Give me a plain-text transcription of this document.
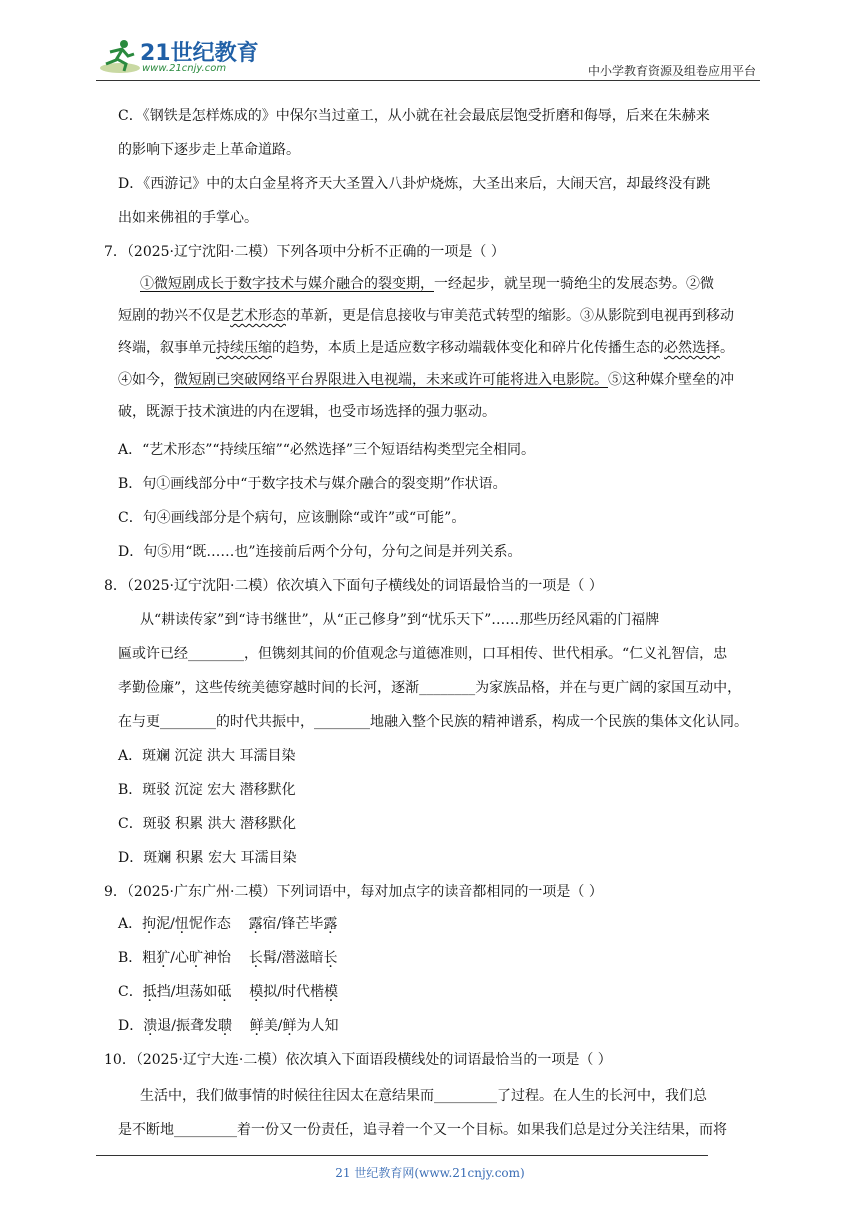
21世纪教育
www.21cnjy.com	中小学教育资源及组卷应用平台
C．《钢铁是怎样炼成的》中保尔当过童工，从小就在社会最底层饱受折磨和侮辱，后来在朱赫来
的影响下逐步走上革命道路。
D．《西游记》中的太白金星将齐天大圣置入八卦炉烧炼，大圣出来后，大闹天宫，却最终没有跳
出如来佛祖的手掌心。
7．（2025·辽宁沈阳·二模）下列各项中分析不正确的一项是（ ）
①微短剧成长于数字技术与媒介融合的裂变期，一经起步，就呈现一骑绝尘的发展态势。②微
短剧的勃兴不仅是艺术形态的革新，更是信息接收与审美范式转型的缩影。③从影院到电视再到移动
终端，叙事单元持续压缩的趋势，本质上是适应数字移动端载体变化和碎片化传播生态的必然选择。
④如今，微短剧已突破网络平台界限进入电视端，未来或许可能将进入电影院。⑤这种媒介壁垒的冲
破，既源于技术演进的内在逻辑，也受市场选择的强力驱动。
A．“艺术形态”“持续压缩”“必然选择”三个短语结构类型完全相同。
B．句①画线部分中“于数字技术与媒介融合的裂变期”作状语。
C．句④画线部分是个病句，应该删除“或许”或“可能”。
D．句⑤用“既……也”连接前后两个分句，分句之间是并列关系。
8．（2025·辽宁沈阳·二模）依次填入下面句子横线处的词语最恰当的一项是（ ）
从“耕读传家”到“诗书继世”，从“正己修身”到“忧乐天下”……那些历经风霜的门福牌
匾或许已经________，但镌刻其间的价值观念与道德准则，口耳相传、世代相承。“仁义礼智信，忠
孝勤俭廉”，这些传统美德穿越时间的长河，逐渐________为家族品格，并在与更广阔的家国互动中，
在与更________的时代共振中，________地融入整个民族的精神谱系，构成一个民族的集体文化认同。
A．斑斓 沉淀 洪大 耳濡目染
B．斑驳 沉淀 宏大 潜移默化
C．斑驳 积累 洪大 潜移默化
D．斑斓 积累 宏大 耳濡目染
9．（2025·广东广州·二模）下列词语中，每对加点字的读音都相同的一项是（ ）
A．拘泥/忸怩作态    露宿/锋芒毕露
B．粗犷/心旷神怡    长髯/潜滋暗长
C．抵挡/坦荡如砥 模拟/时代楷模
D．溃退/振聋发聩 鲜美/鲜为人知
10．（2025·辽宁大连·二模）依次填入下面语段横线处的词语最恰当的一项是（ ）
生活中，我们做事情的时候往往因太在意结果而_________了过程。在人生的长河中，我们总
是不断地_________着一份又一份责任，追寻着一个又一个目标。如果我们总是过分关注结果，而将
21 世纪教育网(www.21cnjy.com)
